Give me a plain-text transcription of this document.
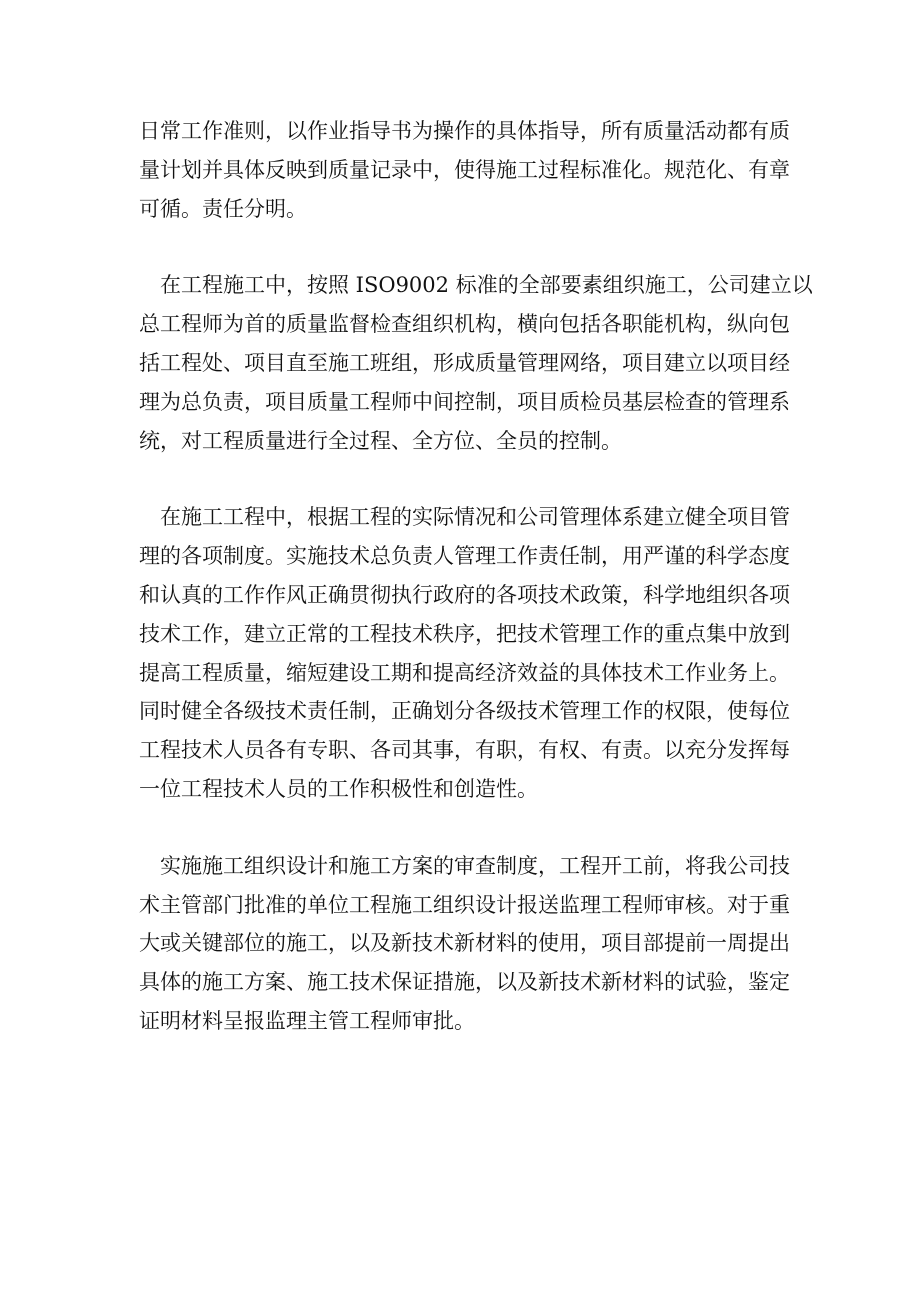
日常工作准则，以作业指导书为操作的具体指导，所有质量活动都有质
量计划并具体反映到质量记录中，使得施工过程标准化。规范化、有章
可循。责任分明。

在工程施工中，按照 ISO9002 标准的全部要素组织施工，公司建立以
总工程师为首的质量监督检查组织机构，横向包括各职能机构，纵向包
括工程处、项目直至施工班组，形成质量管理网络，项目建立以项目经
理为总负责，项目质量工程师中间控制，项目质检员基层检查的管理系
统，对工程质量进行全过程、全方位、全员的控制。

在施工工程中，根据工程的实际情况和公司管理体系建立健全项目管
理的各项制度。实施技术总负责人管理工作责任制，用严谨的科学态度
和认真的工作作风正确贯彻执行政府的各项技术政策，科学地组织各项
技术工作，建立正常的工程技术秩序，把技术管理工作的重点集中放到
提高工程质量，缩短建设工期和提高经济效益的具体技术工作业务上。
同时健全各级技术责任制，正确划分各级技术管理工作的权限，使每位
工程技术人员各有专职、各司其事，有职，有权、有责。以充分发挥每
一位工程技术人员的工作积极性和创造性。

实施施工组织设计和施工方案的审查制度，工程开工前，将我公司技
术主管部门批准的单位工程施工组织设计报送监理工程师审核。对于重
大或关键部位的施工，以及新技术新材料的使用，项目部提前一周提出
具体的施工方案、施工技术保证措施，以及新技术新材料的试验，鉴定
证明材料呈报监理主管工程师审批。
